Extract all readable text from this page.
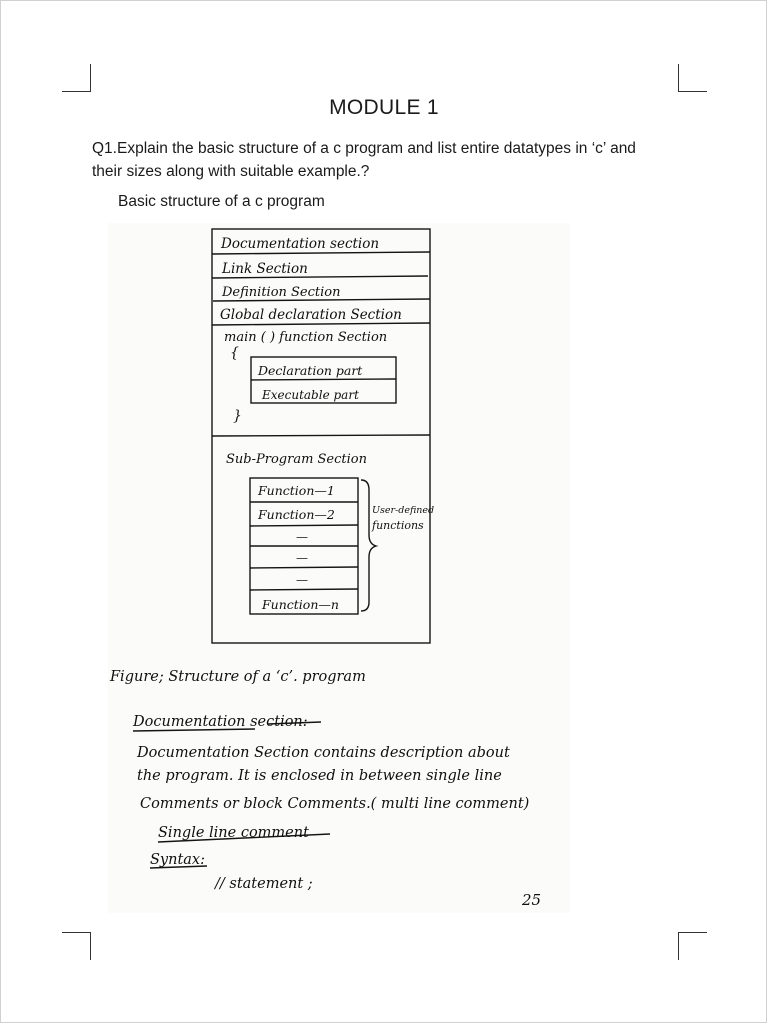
MODULE 1
Q1.Explain the basic structure of a c program and list entire datatypes in ‘c’ and their sizes along with suitable example.?
Basic structure of a c program
Documentation section
Link Section
Definition Section
Global declaration Section
main ( ) function Section
{
Declaration part
Executable part
}
Sub-Program Section
Function—1
Function—2
—
—
—
Function—n
User-defined
functions
Figure; Structure of a ‘c’. program
Documentation section:
Documentation Section contains description about
the program. It is enclosed in between single line
Comments or block Comments.( multi line comment)
Single line comment
Syntax:
// statement ;
25
